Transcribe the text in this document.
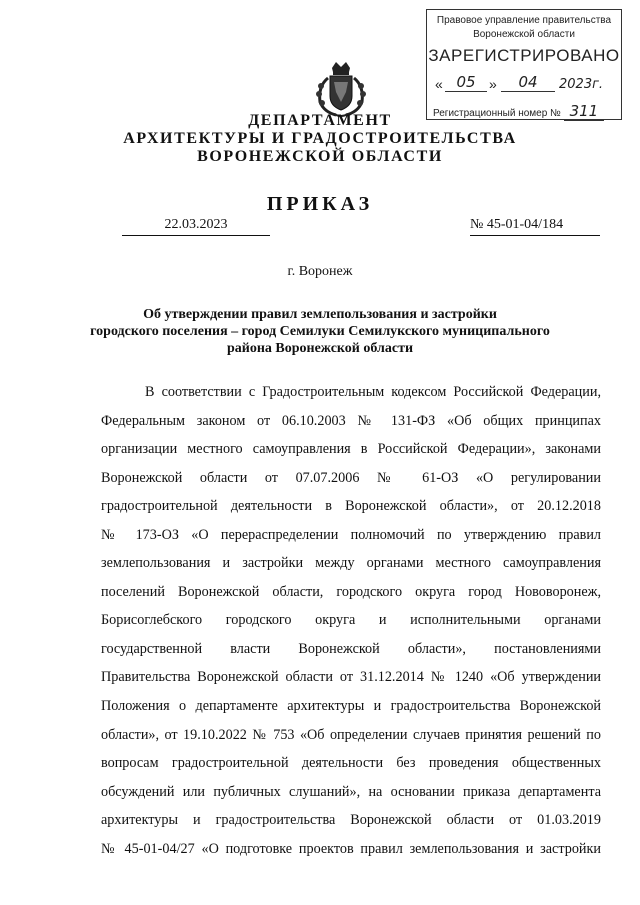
Правовое управление правительства
Воронежской области
ЗАРЕГИСТРИРОВАНО
« 05 »	04	2023г.
Регистрационный номер № 311
ДЕПАРТАМЕНТ
АРХИТЕКТУРЫ И ГРАДОСТРОИТЕЛЬСТВА
ВОРОНЕЖСКОЙ ОБЛАСТИ
ПРИКАЗ
22.03.2023	№ 45-01-04/184
г. Воронеж
Об утверждении правил землепользования и застройки
городского поселения – город Семилуки Семилукского муниципального
района Воронежской области
В соответствии с Градостроительным кодексом Российской Федерации,
Федеральным законом от 06.10.2003 № 131-ФЗ «Об общих принципах
организации местного самоуправления в Российской Федерации», законами
Воронежской области от 07.07.2006 № 61-ОЗ «О регулировании
градостроительной деятельности в Воронежской области», от 20.12.2018
№ 173-ОЗ «О перераспределении полномочий по утверждению правил
землепользования и застройки между органами местного самоуправления
поселений Воронежской области, городского округа город Нововоронеж,
Борисоглебского городского округа и исполнительными органами
государственной власти Воронежской области», постановлениями
Правительства Воронежской области от 31.12.2014 № 1240 «Об утверждении
Положения о департаменте архитектуры и градостроительства Воронежской
области», от 19.10.2022 № 753 «Об определении случаев принятия решений по
вопросам градостроительной деятельности без проведения общественных
обсуждений или публичных слушаний», на основании приказа департамента
архитектуры и градостроительства Воронежской области от 01.03.2019
№ 45-01-04/27 «О подготовке проектов правил землепользования и застройки
